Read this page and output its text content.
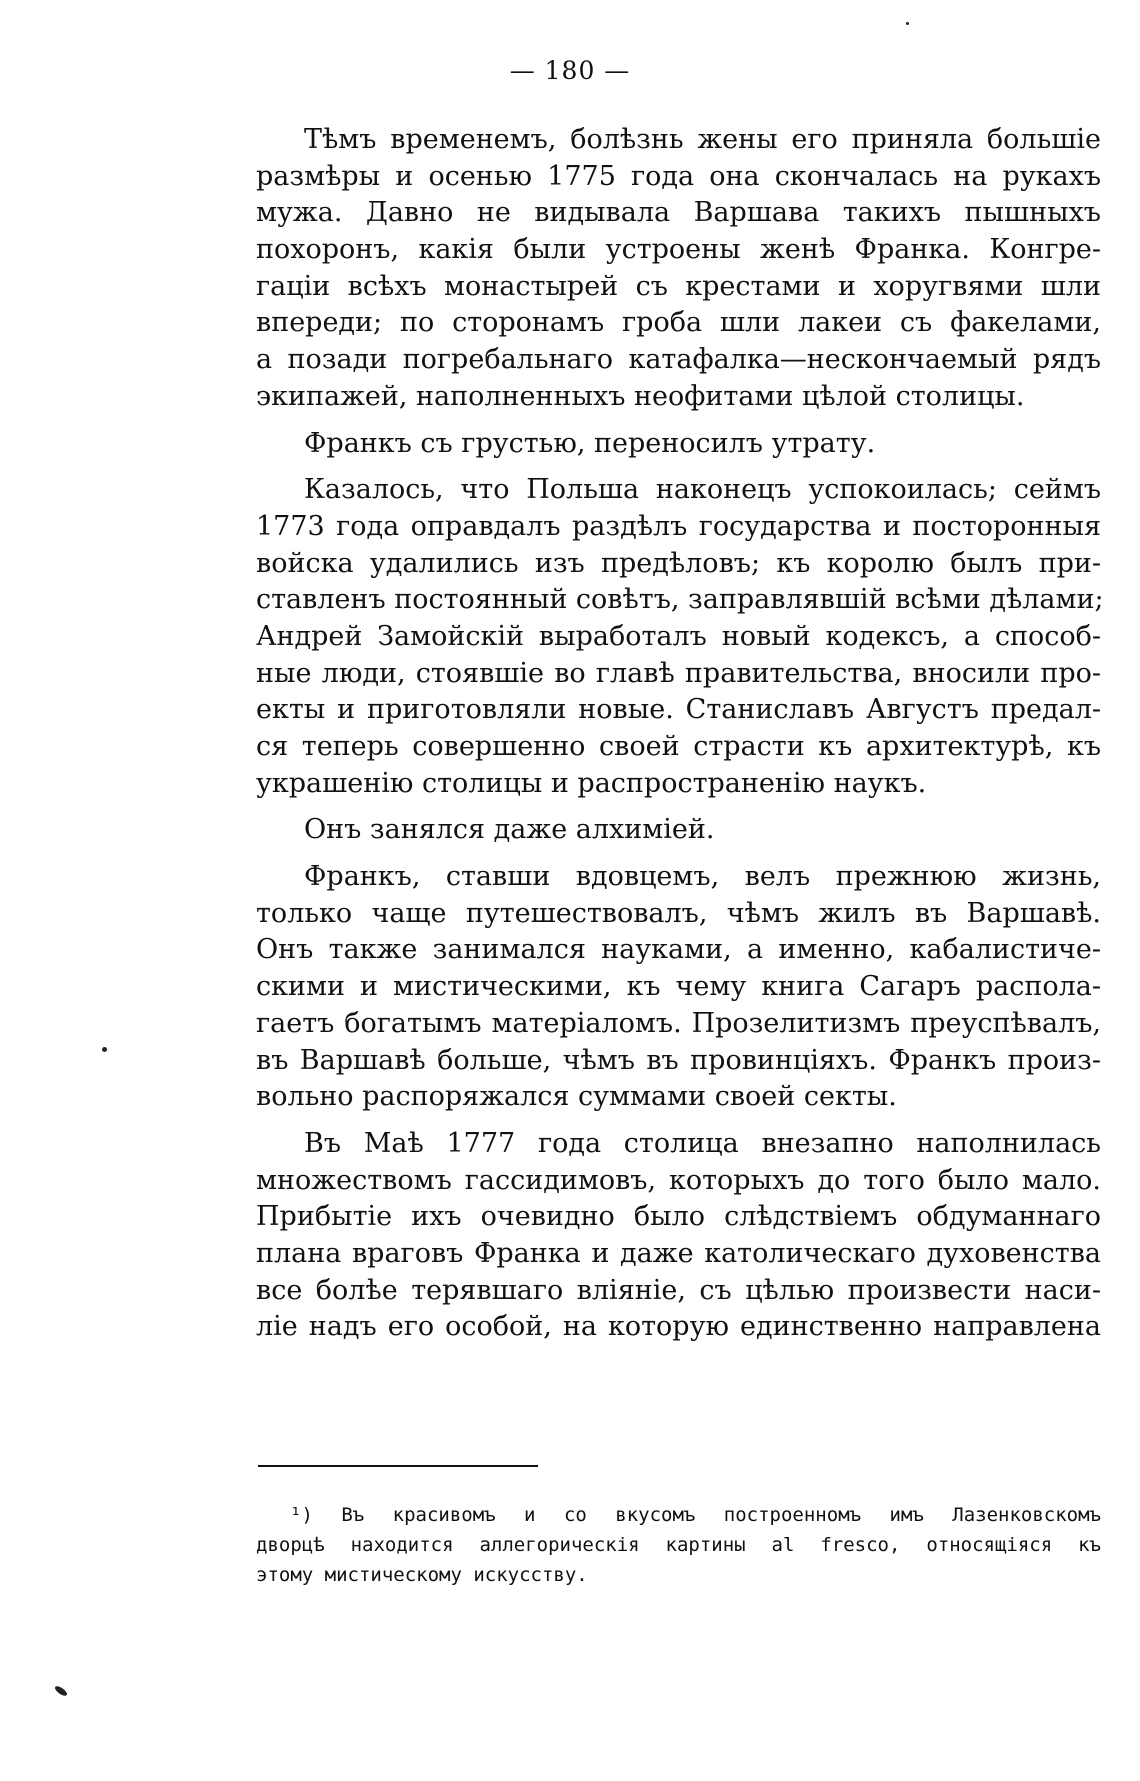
— 180 —
Тѣмъ временемъ, болѣзнь жены его приняла большiе
размѣры и осенью 1775 года она скончалась на рукахъ
мужа. Давно не видывала Варшава такихъ пышныхъ
похоронъ, какiя были устроены женѣ Франка. Конгре-
гацiи всѣхъ монастырей съ крестами и хоругвями шли
впереди; по сторонамъ гроба шли лакеи съ факелами,
а позади погребальнаго катафалка—нескончаемый рядъ
экипажей, наполненныхъ неофитами цѣлой столицы.
Франкъ съ грустью, переносилъ утрату.
Казалось, что Польша наконецъ успокоилась; сеймъ
1773 года оправдалъ раздѣлъ государства и посторонныя
войска удалились изъ предѣловъ; къ королю былъ при-
ставленъ постоянный совѣтъ, заправлявшiй всѣми дѣлами;
Андрей Замойскiй выработалъ новый кодексъ, а способ-
ные люди, стоявшiе во главѣ правительства, вносили про-
екты и приготовляли новые. Станиславъ Августъ предал-
ся теперь совершенно своей страсти къ архитектурѣ, къ
украшенiю столицы и распространенiю наукъ.
Онъ занялся даже алхимiей.
Франкъ, ставши вдовцемъ, велъ прежнюю жизнь,
только чаще путешествовалъ, чѣмъ жилъ въ Варшавѣ.
Онъ также занимался науками, а именно, кабалистиче-
скими и мистическими, къ чему книга Сагаръ распола-
гаетъ богатымъ матерiаломъ. Прозелитизмъ преуспѣвалъ,
въ Варшавѣ больше, чѣмъ въ провинцiяхъ. Франкъ произ-
вольно распоряжался суммами своей секты.
Въ Маѣ 1777 года столица внезапно наполнилась
множествомъ гассидимовъ, которыхъ до того было мало.
Прибытiе ихъ очевидно было слѣдствiемъ обдуманнаго
плана враговъ Франка и даже католическаго духовенства
все болѣе терявшаго влiянiе, съ цѣлью произвести наси-
лiе надъ его особой, на которую единственно направлена
¹) Въ красивомъ и со вкусомъ построенномъ имъ Лазенковскомъ
дворцѣ находится аллегорическiя картины al fresco, относящiяся къ
этому мистическому искусству.
